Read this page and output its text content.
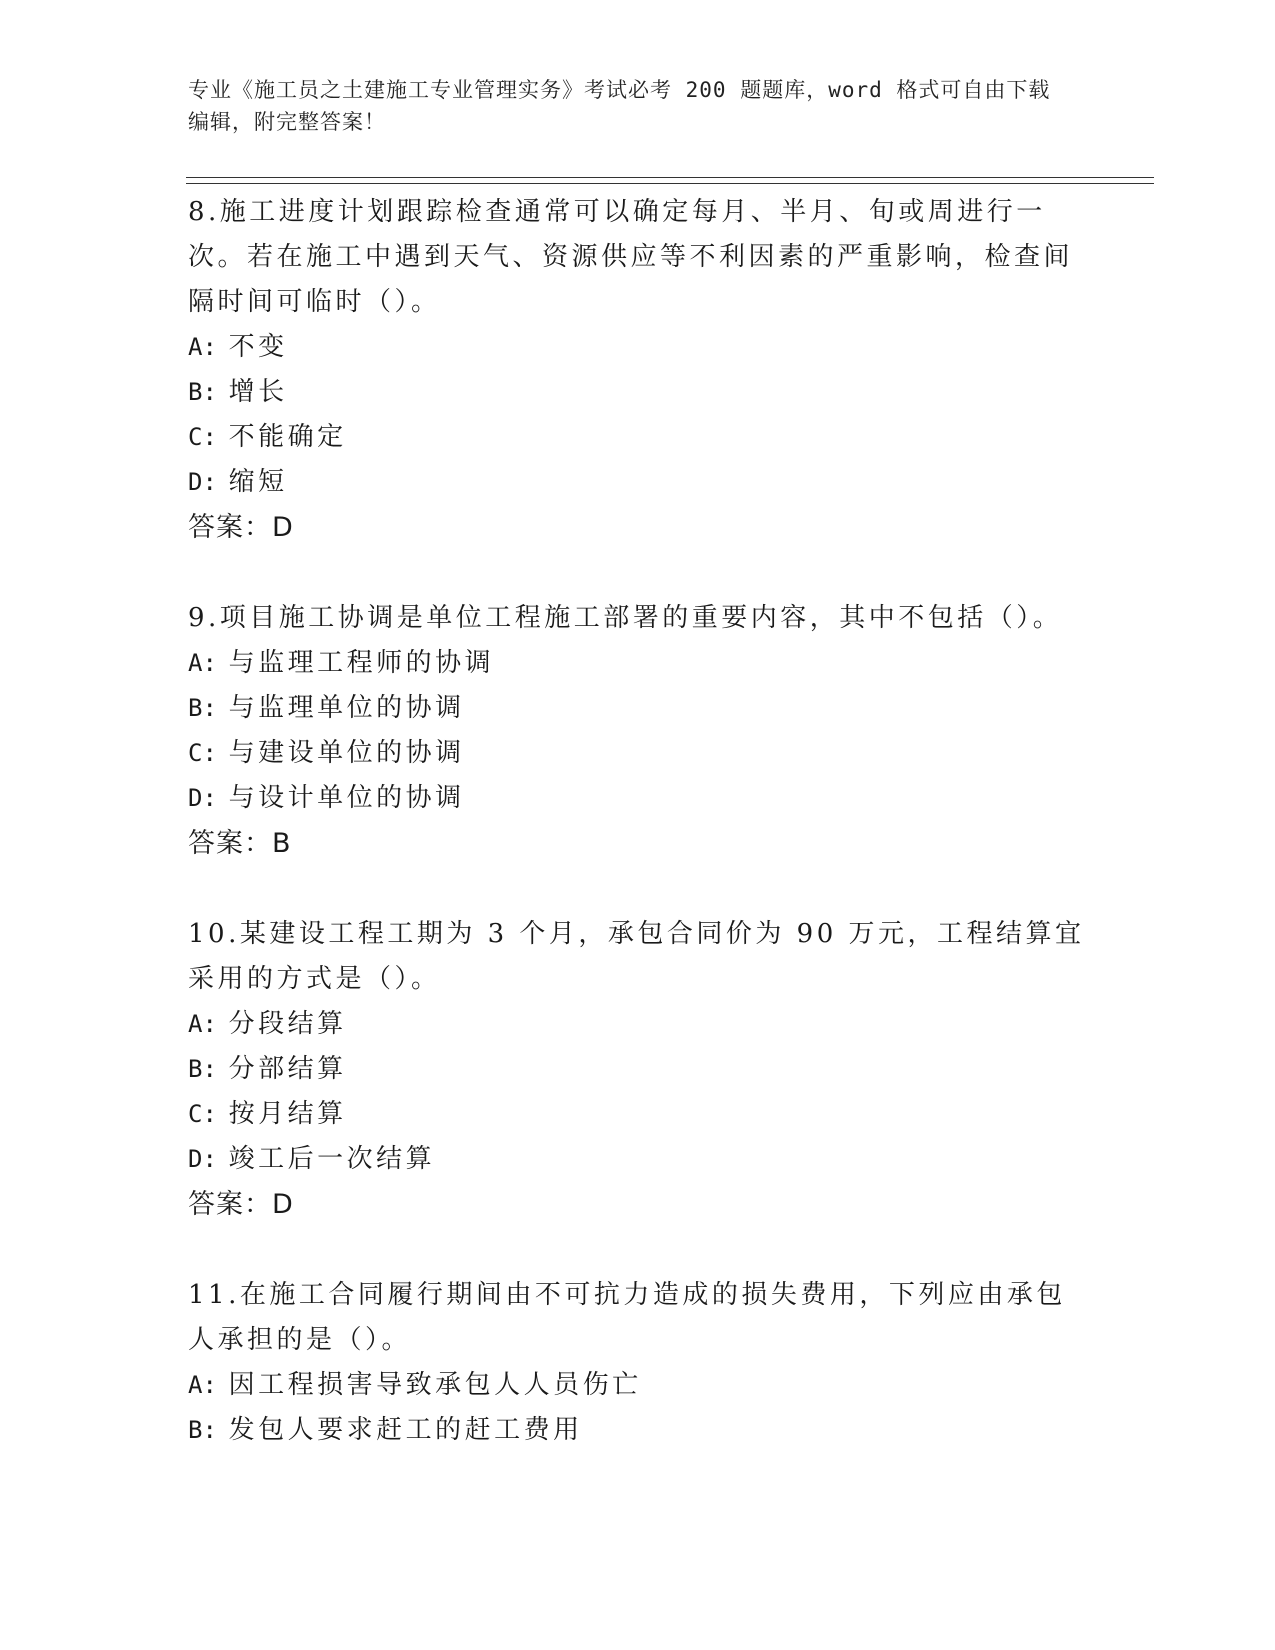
专业《施工员之土建施工专业管理实务》考试必考 200 题题库，word 格式可自由下载编辑，附完整答案！

8.施工进度计划跟踪检查通常可以确定每月、半月、旬或周进行一次。若在施工中遇到天气、资源供应等不利因素的严重影响，检查间隔时间可临时（）。

A: 不变

B: 增长

C: 不能确定

D: 缩短

答案：D

9.项目施工协调是单位工程施工部署的重要内容，其中不包括（）。

A: 与监理工程师的协调

B: 与监理单位的协调

C: 与建设单位的协调

D: 与设计单位的协调

答案：B

10.某建设工程工期为 3 个月，承包合同价为 90 万元，工程结算宜采用的方式是（）。

A: 分段结算

B: 分部结算

C: 按月结算

D: 竣工后一次结算

答案：D

11.在施工合同履行期间由不可抗力造成的损失费用，下列应由承包人承担的是（）。

A: 因工程损害导致承包人人员伤亡

B: 发包人要求赶工的赶工费用
